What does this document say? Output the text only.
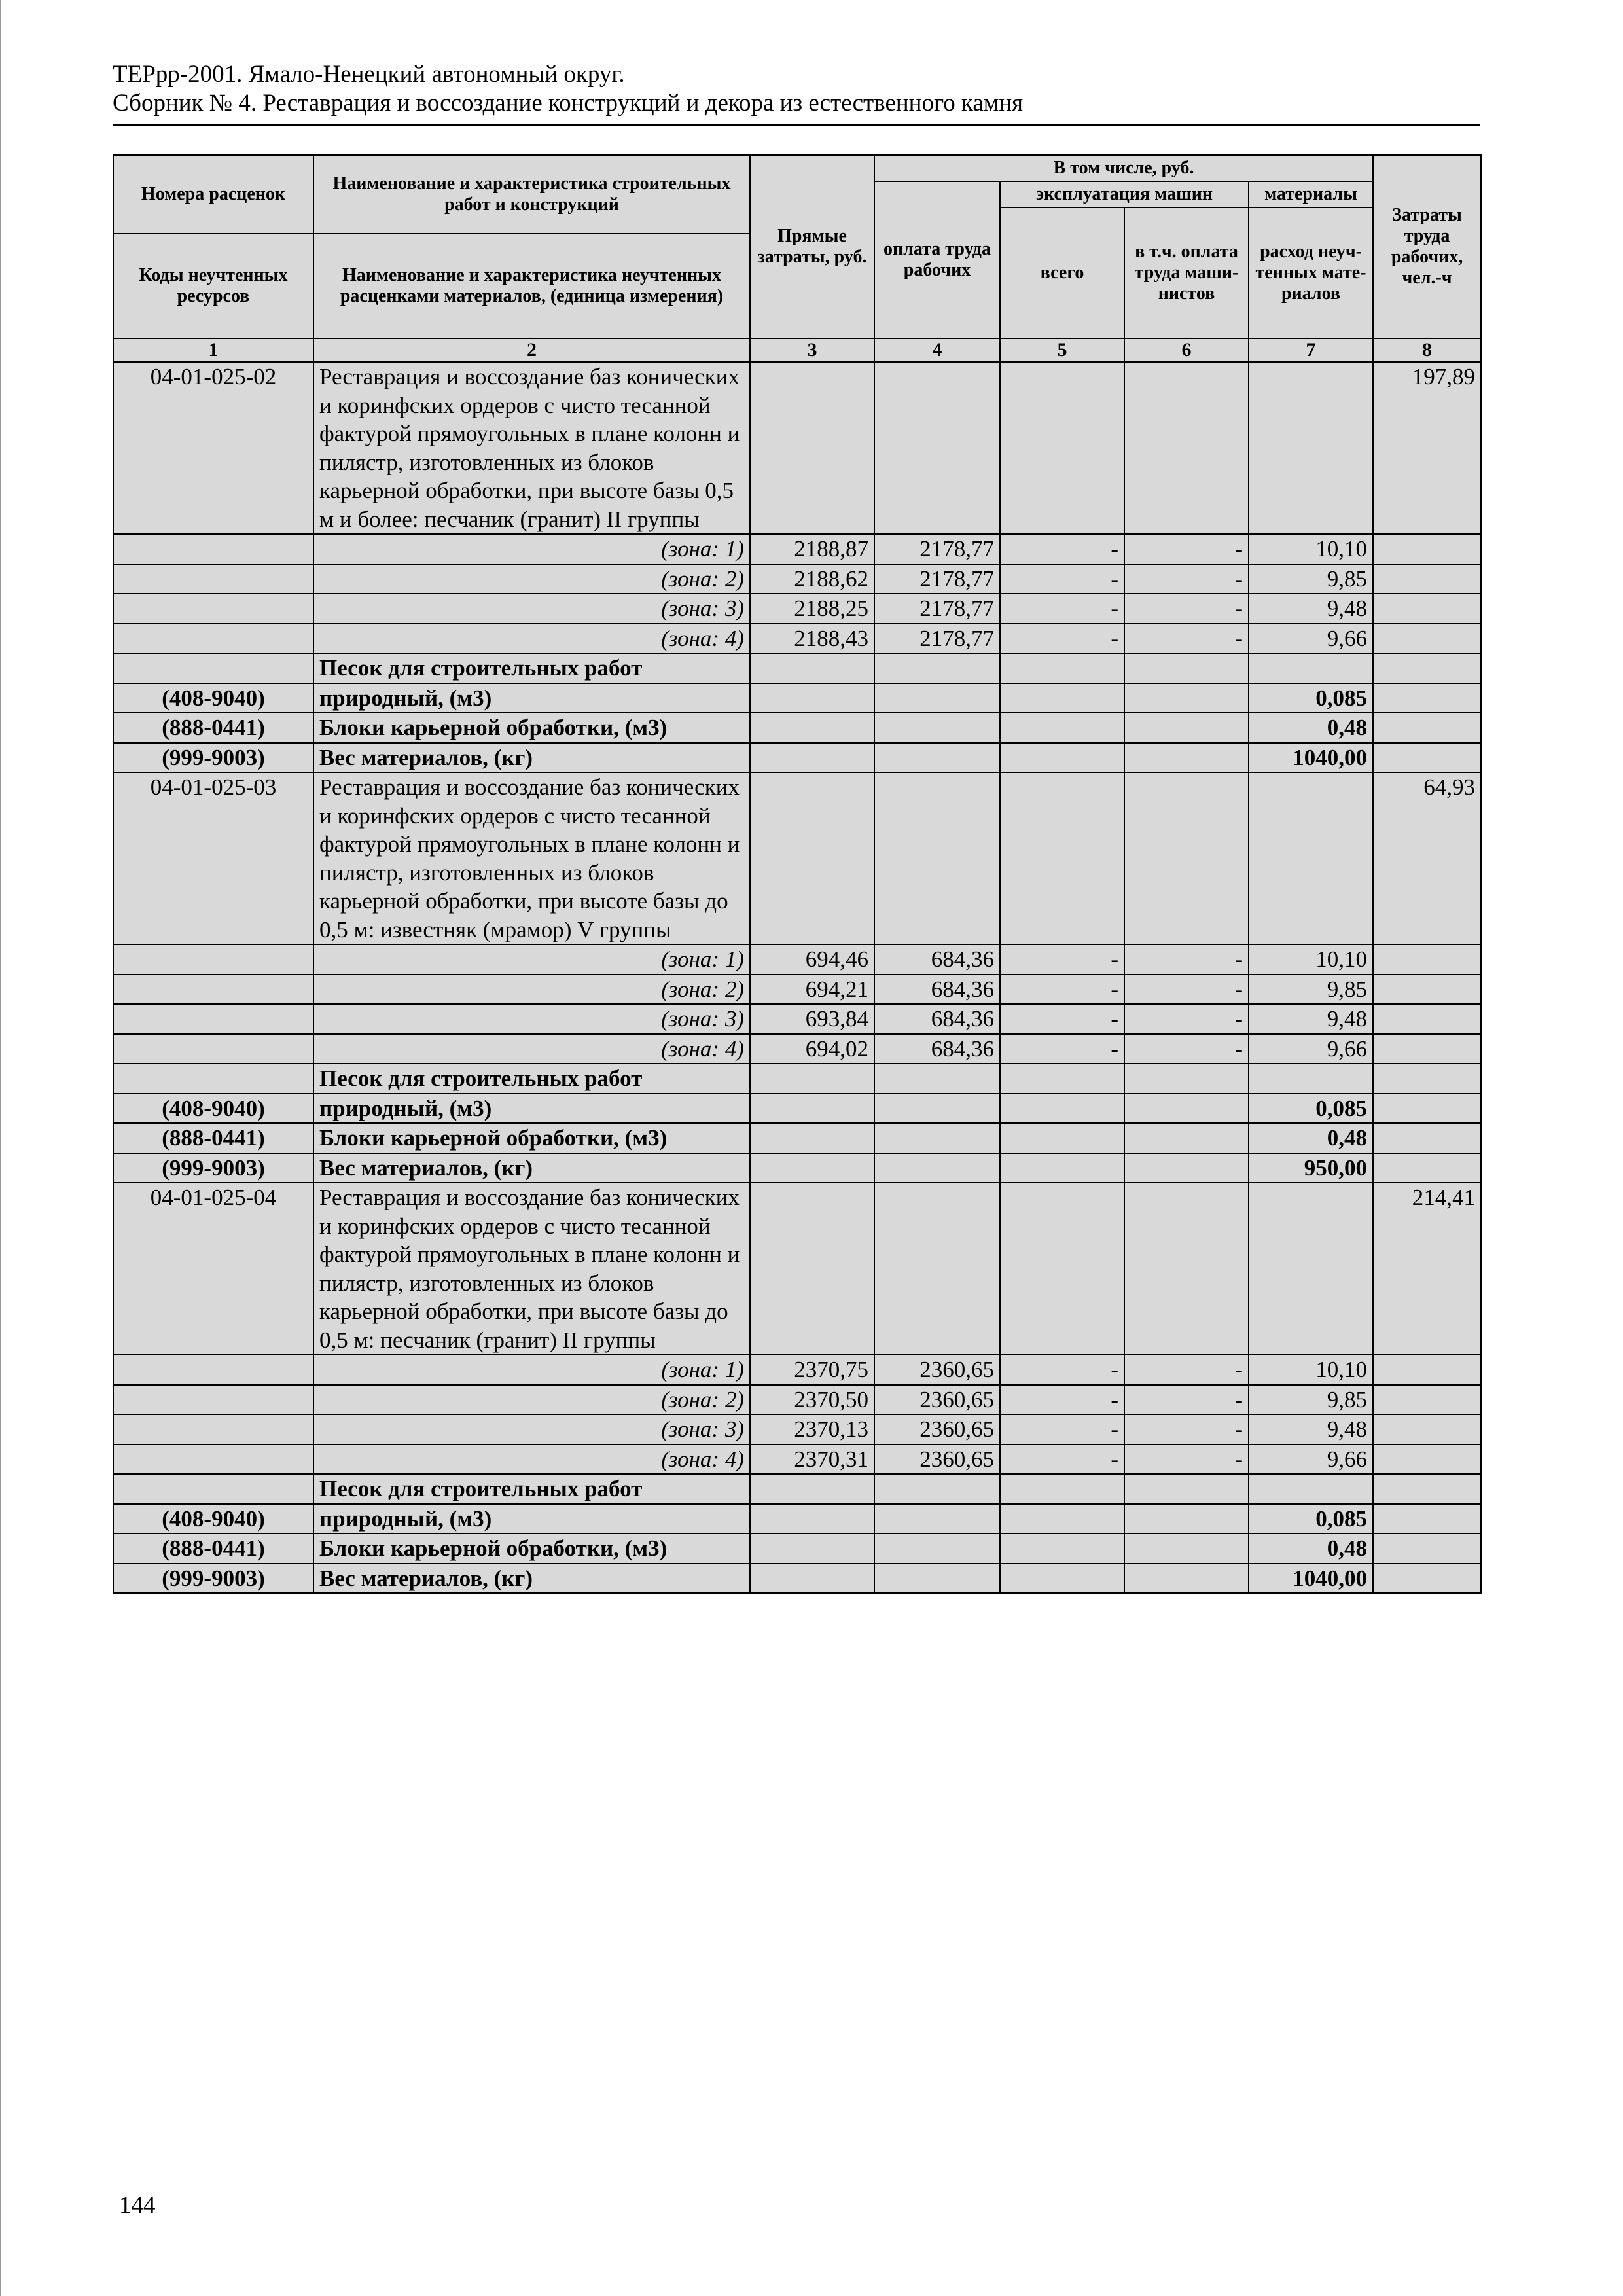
ТЕРрр-2001. Ямало-Ненецкий автономный округ.
Сборник № 4. Реставрация и воссоздание конструкций и декора из естественного камня
Номера расценок	Наименование и характеристика строительных работ и конструкций	Прямые затраты, руб.	В том числе, руб.				Затраты труда рабочих, чел.-ч
			оплата труда рабочих	эксплуатация машин		материалы	
				всего	в т.ч. оплата труда маши-нистов	расход неуч-тенных мате-риалов	
Коды неучтенных ресурсов	Наименование и характеристика неучтенных расценками материалов, (единица измерения)						

1	2	3	4	5	6	7	8
04-01-025-02	Реставрация и воссоздание баз конических и коринфских ордеров с чисто тесанной фактурой прямоугольных в плане колонн и пилястр, изготовленных из блоков карьерной обработки, при высоте базы 0,5 м и более: песчаник (гранит) II группы						197,89
	(зона: 1)	2188,87	2178,77	-	-	10,10	
	(зона: 2)	2188,62	2178,77	-	-	9,85	
	(зона: 3)	2188,25	2178,77	-	-	9,48	
	(зона: 4)	2188,43	2178,77	-	-	9,66	
	Песок для строительных работ						
(408-9040)	природный, (м3)					0,085	
(888-0441)	Блоки карьерной обработки, (м3)					0,48	
(999-9003)	Вес материалов, (кг)					1040,00	
04-01-025-03	Реставрация и воссоздание баз конических и коринфских ордеров с чисто тесанной фактурой прямоугольных в плане колонн и пилястр, изготовленных из блоков карьерной обработки, при высоте базы до 0,5 м: известняк (мрамор) V группы						64,93
	(зона: 1)	694,46	684,36	-	-	10,10	
	(зона: 2)	694,21	684,36	-	-	9,85	
	(зона: 3)	693,84	684,36	-	-	9,48	
	(зона: 4)	694,02	684,36	-	-	9,66	
	Песок для строительных работ						
(408-9040)	природный, (м3)					0,085	
(888-0441)	Блоки карьерной обработки, (м3)					0,48	
(999-9003)	Вес материалов, (кг)					950,00	
04-01-025-04	Реставрация и воссоздание баз конических и коринфских ордеров с чисто тесанной фактурой прямоугольных в плане колонн и пилястр, изготовленных из блоков карьерной обработки, при высоте базы до 0,5 м: песчаник (гранит) II группы						214,41
	(зона: 1)	2370,75	2360,65	-	-	10,10	
	(зона: 2)	2370,50	2360,65	-	-	9,85	
	(зона: 3)	2370,13	2360,65	-	-	9,48	
	(зона: 4)	2370,31	2360,65	-	-	9,66	
	Песок для строительных работ						
(408-9040)	природный, (м3)					0,085	
(888-0441)	Блоки карьерной обработки, (м3)					0,48	
(999-9003)	Вес материалов, (кг)					1040,00	
144
